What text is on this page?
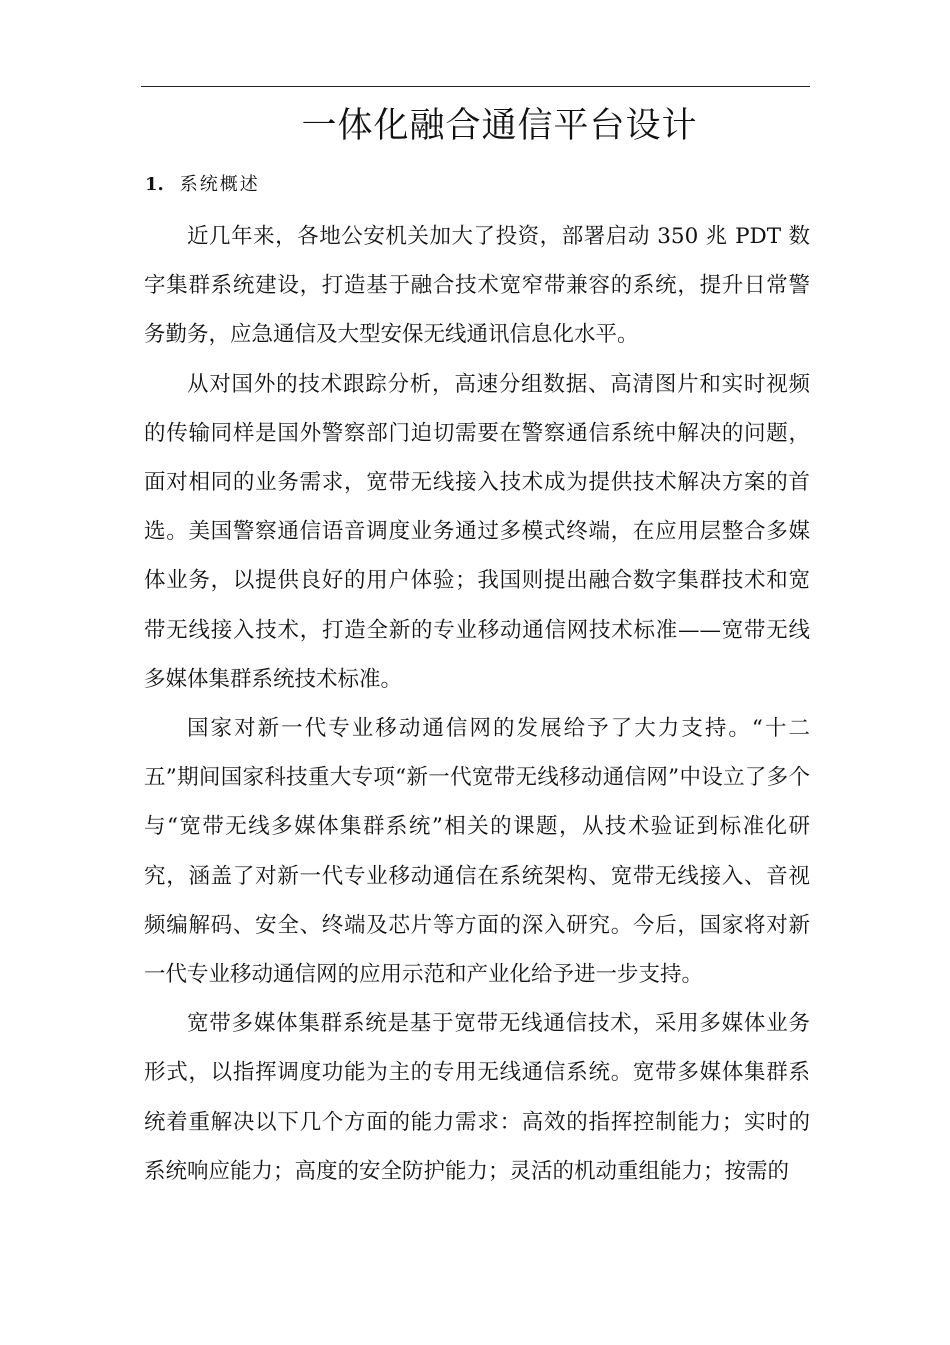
一体化融合通信平台设计
1. 系统概述

近几年来，各地公安机关加大了投资，部署启动 350 兆 PDT 数字集群系统建设，打造基于融合技术宽窄带兼容的系统，提升日常警务勤务，应急通信及大型安保无线通讯信息化水平。

从对国外的技术跟踪分析，高速分组数据、高清图片和实时视频的传输同样是国外警察部门迫切需要在警察通信系统中解决的问题，面对相同的业务需求，宽带无线接入技术成为提供技术解决方案的首选。美国警察通信语音调度业务通过多模式终端，在应用层整合多媒体业务，以提供良好的用户体验；我国则提出融合数字集群技术和宽带无线接入技术，打造全新的专业移动通信网技术标准——宽带无线多媒体集群系统技术标准。

国家对新一代专业移动通信网的发展给予了大力支持。“十二五”期间国家科技重大专项“新一代宽带无线移动通信网”中设立了多个与“宽带无线多媒体集群系统”相关的课题，从技术验证到标准化研究，涵盖了对新一代专业移动通信在系统架构、宽带无线接入、音视频编解码、安全、终端及芯片等方面的深入研究。今后，国家将对新一代专业移动通信网的应用示范和产业化给予进一步支持。

宽带多媒体集群系统是基于宽带无线通信技术，采用多媒体业务形式，以指挥调度功能为主的专用无线通信系统。宽带多媒体集群系统着重解决以下几个方面的能力需求：高效的指挥控制能力；实时的系统响应能力；高度的安全防护能力；灵活的机动重组能力；按需的
